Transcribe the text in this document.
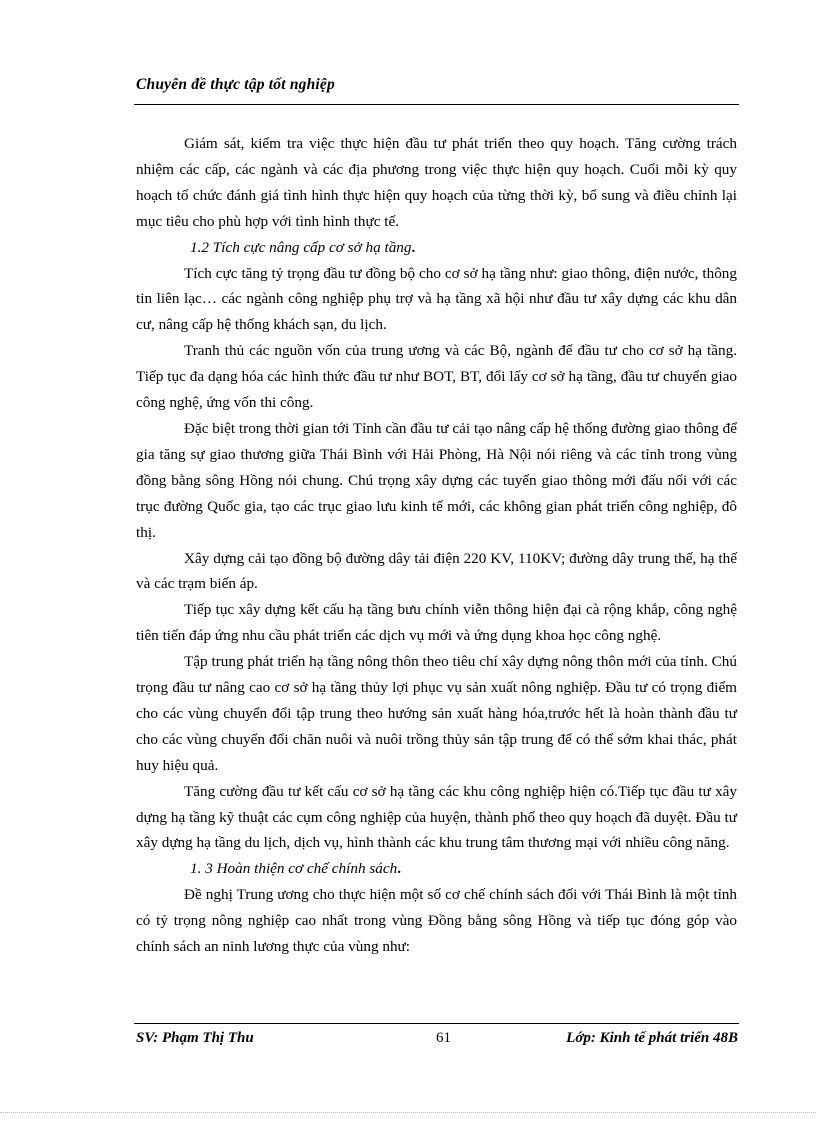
Chuyên đề thực tập tốt nghiệp

Giám sát, kiểm tra việc thực hiện đầu tư phát triển theo quy hoạch. Tăng cường trách nhiệm các cấp, các ngành và các địa phương trong việc thực hiện quy hoạch. Cuối mỗi kỳ quy hoạch tổ chức đánh giá tình hình thực hiện quy hoạch của từng thời kỳ, bổ sung và điều chỉnh lại mục tiêu cho phù hợp với tình hình thực tế.

1.2 Tích cực nâng cấp cơ sở hạ tầng.

Tích cực tăng tỷ trọng đầu tư đồng bộ cho cơ sở hạ tầng như: giao thông, điện nước, thông tin liên lạc… các ngành công nghiệp phụ trợ và hạ tầng xã hội như đầu tư xây dựng các khu dân cư, nâng cấp hệ thống khách sạn, du lịch.

Tranh thủ các nguồn vốn của trung ương và các Bộ, ngành để đầu tư cho cơ sở hạ tầng. Tiếp tục đa dạng hóa các hình thức đầu tư như BOT, BT, đổi lấy cơ sở hạ tầng, đầu tư chuyển giao công nghệ, ứng vốn thi công.

Đặc biệt trong thời gian tới Tỉnh cần đầu tư cải tạo nâng cấp hệ thống đường giao thông để gia tăng sự giao thương giữa Thái Bình với Hải Phòng, Hà Nội nói riêng và các tỉnh trong vùng đồng bằng sông Hồng nói chung. Chú trọng xây dựng các tuyến giao thông mới đấu nối với các trục đường Quốc gia, tạo các trục giao lưu kinh tế mới, các không gian phát triển công nghiệp, đô thị.

Xây dựng cải tạo đồng bộ đường dây tải điện 220 KV, 110KV; đường dây trung thế, hạ thế và các trạm biến áp.

Tiếp tục xây dựng kết cấu hạ tầng bưu chính viễn thông hiện đại cà rộng khắp, công nghệ tiên tiến đáp ứng nhu cầu phát triển các dịch vụ mới và ứng dụng khoa học công nghệ.

Tập trung phát triển hạ tầng nông thôn theo tiêu chí xây dựng nông thôn mới của tỉnh. Chú trọng đầu tư nâng cao cơ sở hạ tầng thủy lợi phục vụ sản xuất nông nghiệp. Đầu tư có trọng điểm cho các vùng chuyển đổi tập trung theo hướng sản xuất hàng hóa,trước hết là hoàn thành đầu tư cho các vùng chuyển đổi chăn nuôi và nuôi trồng thủy sản tập trung để có thể sớm khai thác, phát huy hiệu quả.

Tăng cường đầu tư kết cấu cơ sở hạ tầng các khu công nghiệp hiện có.Tiếp tục đầu tư xây dựng hạ tầng kỹ thuật các cụm công nghiệp của huyện, thành phố theo quy hoạch đã duyệt. Đầu tư xây dựng hạ tầng du lịch, dịch vụ, hình thành các khu trung tâm thương mại với nhiều công năng.

1. 3 Hoàn thiện cơ chế chính sách.

Đề nghị Trung ương cho thực hiện một số cơ chế chính sách đối với Thái Bình là một tỉnh có tỷ trọng nông nghiệp cao nhất trong vùng Đồng bằng sông Hồng và tiếp tục đóng góp vào chính sách an ninh lương thực của vùng như:

SV: Phạm Thị Thu	61	Lớp: Kinh tế phát triển 48B
